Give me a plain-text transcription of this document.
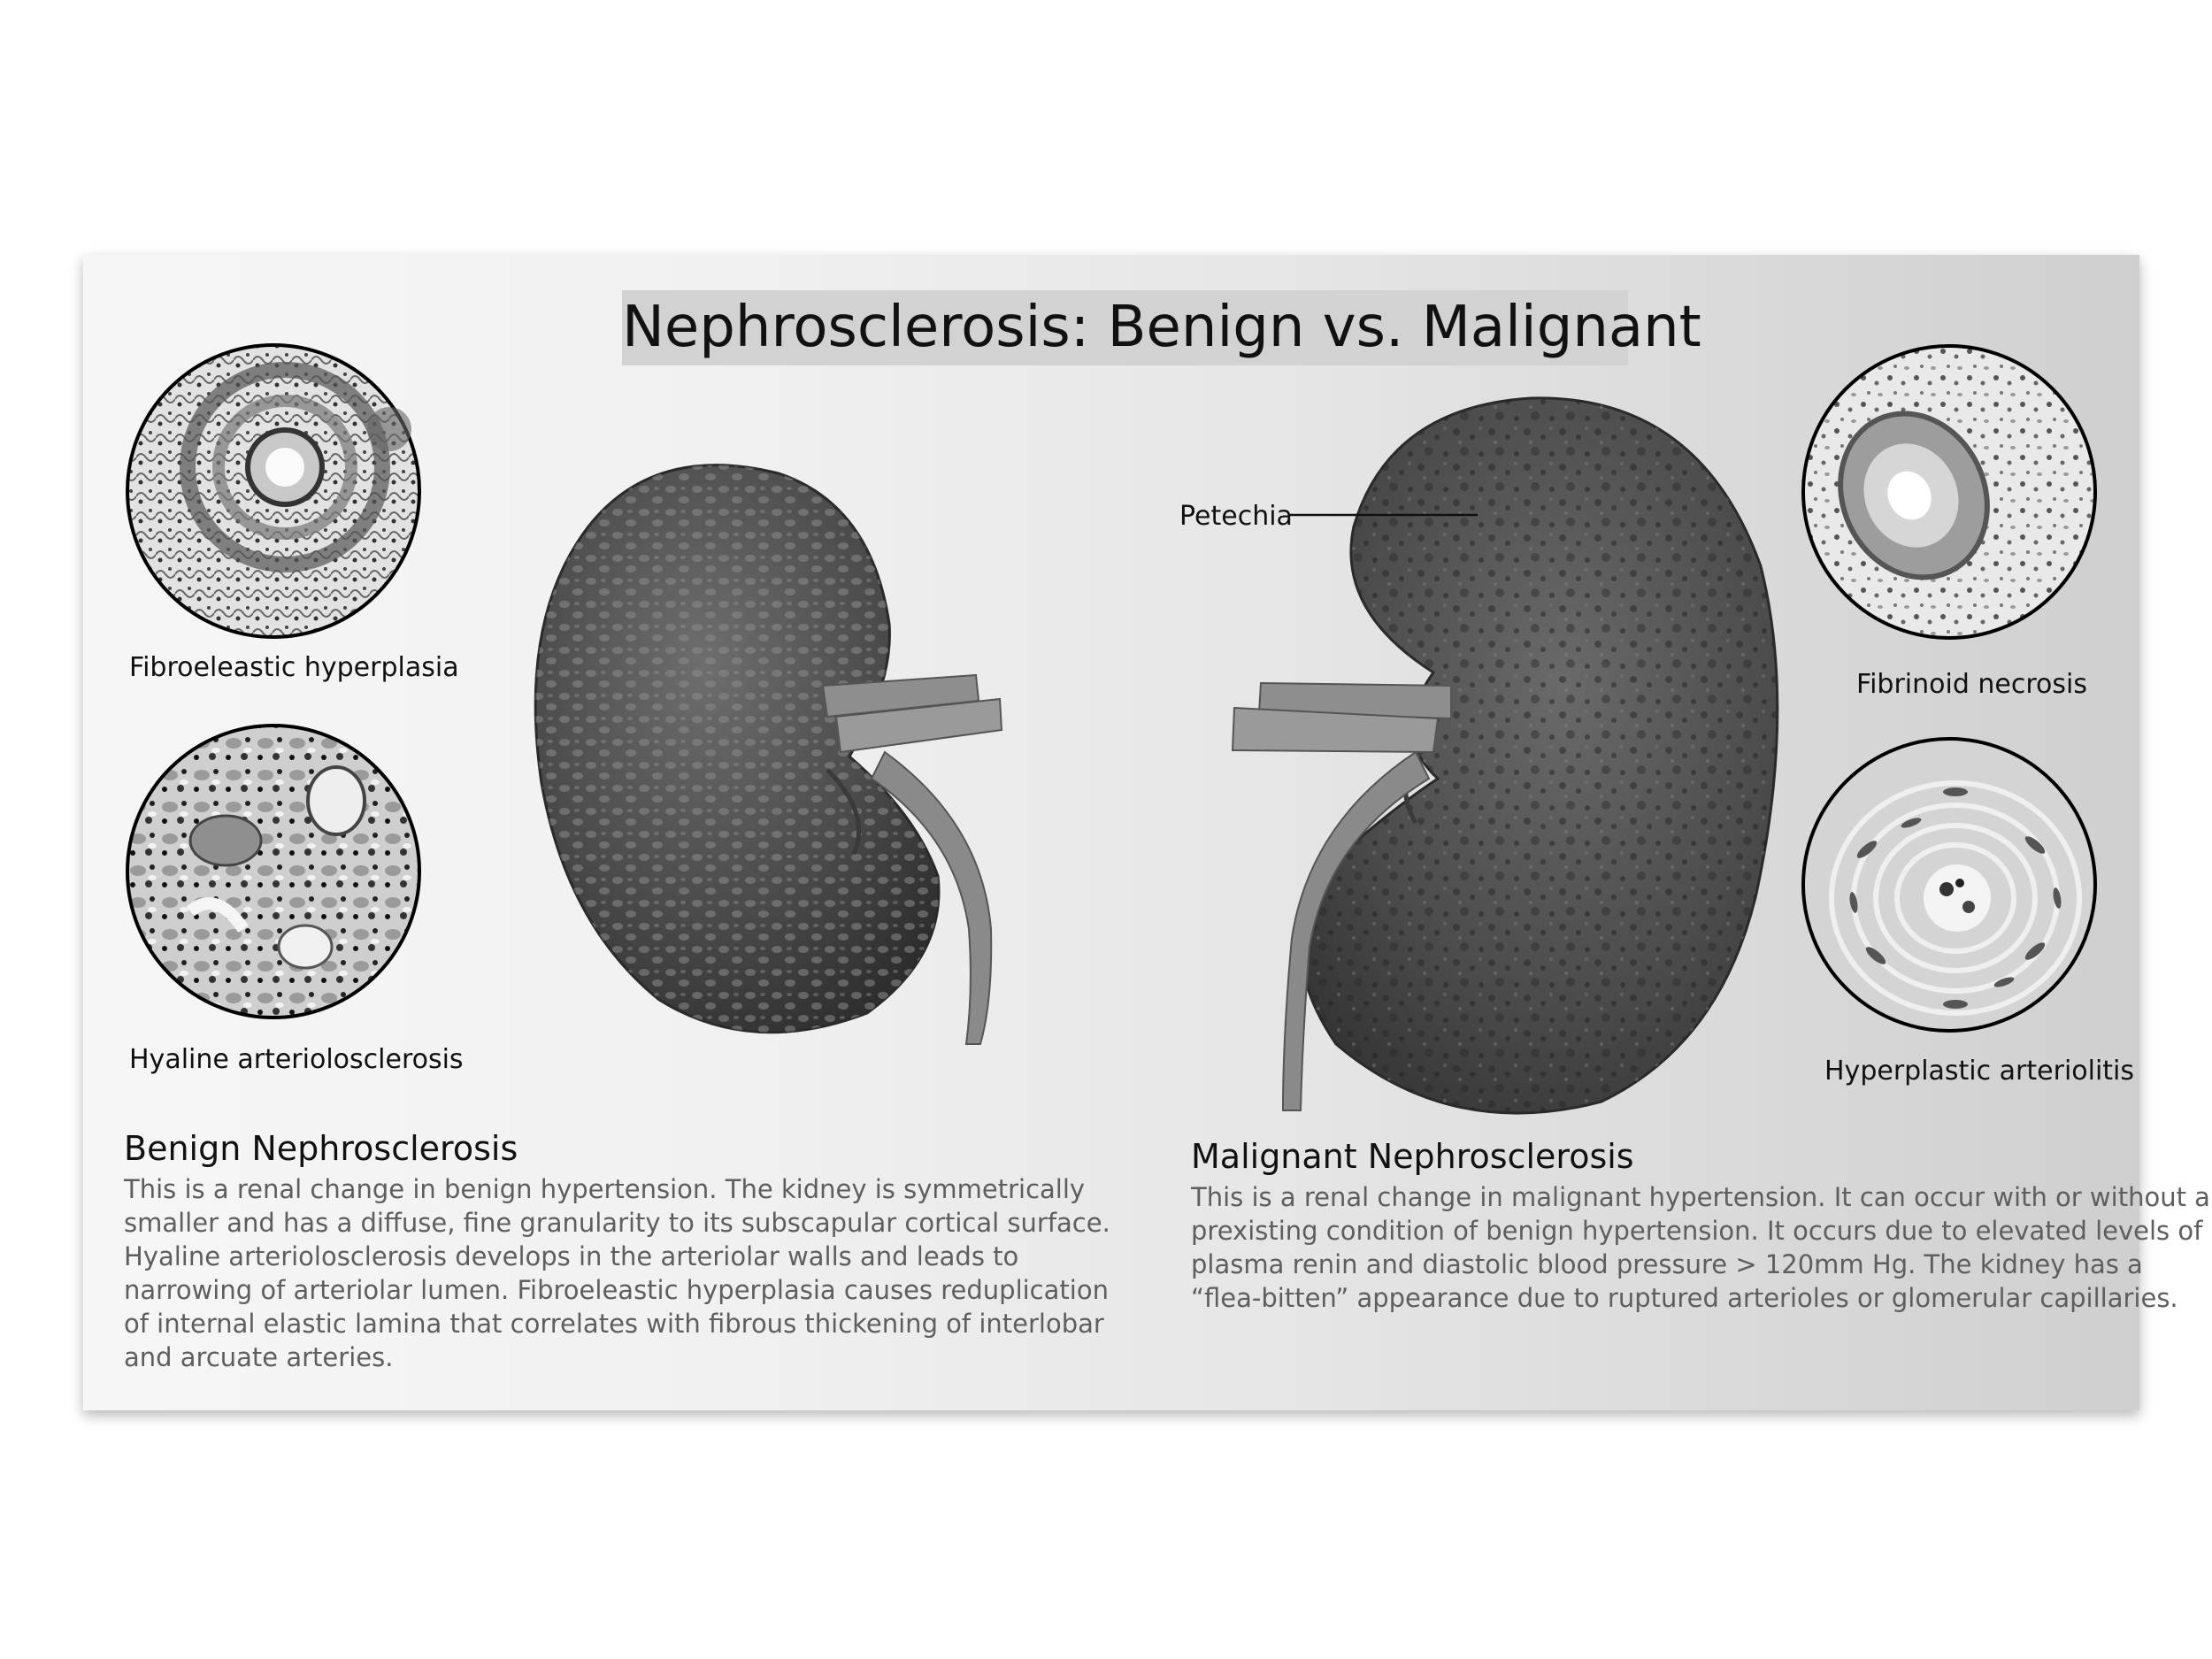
Nephrosclerosis: Benign vs. Malignant
Fibroeleastic hyperplasia
Hyaline arteriolosclerosis
Fibrinoid necrosis
Hyperplastic arteriolitis
Petechia
Benign Nephrosclerosis
This is a renal change in benign hypertension. The kidney is symmetrically
smaller and has a diffuse, fine granularity to its subscapular cortical surface.
Hyaline arteriolosclerosis develops in the arteriolar walls and leads to
narrowing of arteriolar lumen. Fibroeleastic hyperplasia causes reduplication
of internal elastic lamina that correlates with fibrous thickening of interlobar
and arcuate arteries.
Malignant Nephrosclerosis
This is a renal change in malignant hypertension. It can occur with or without a
prexisting condition of benign hypertension. It occurs due to elevated levels of
plasma renin and diastolic blood pressure > 120mm Hg. The kidney has a
“flea-bitten” appearance due to ruptured arterioles or glomerular capillaries.
